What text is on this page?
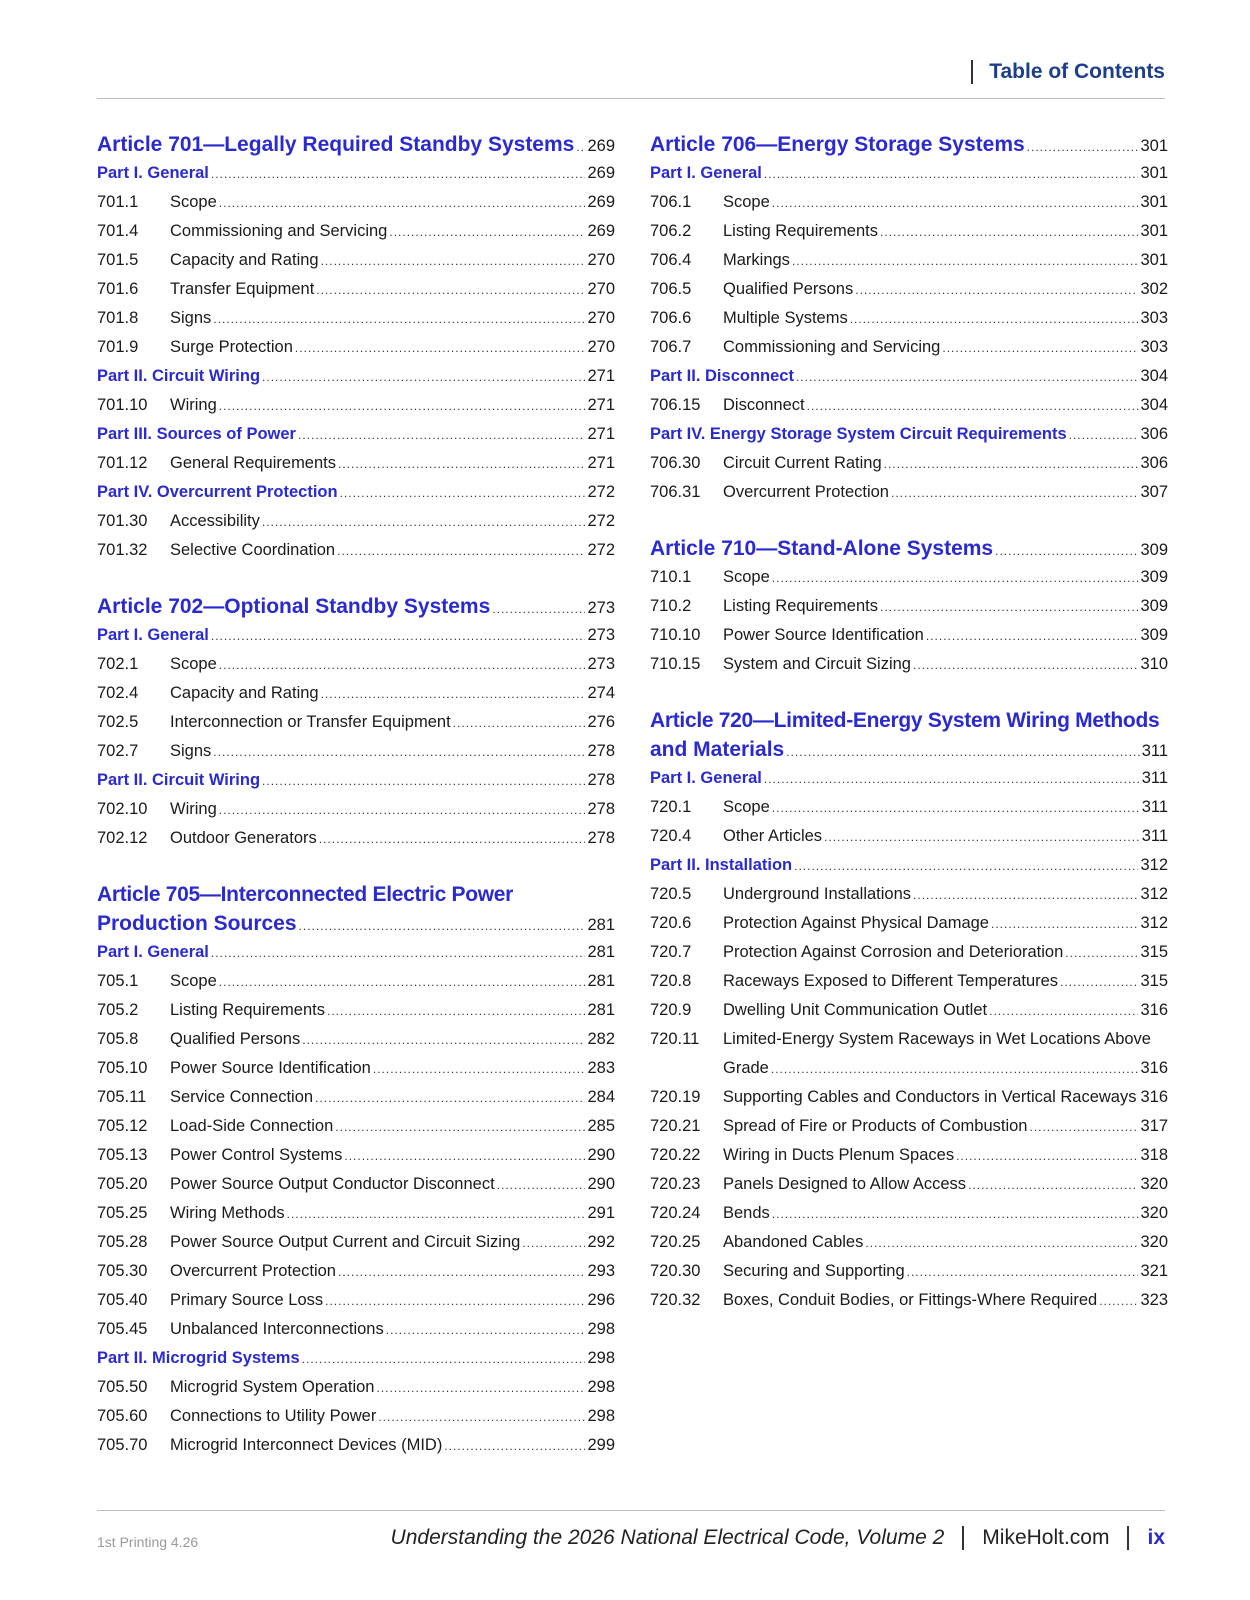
Table of Contents
Article 701—Legally Required Standby Systems ..... 269
Part I. General .....	269
701.1	Scope .....	269
701.4	Commissioning and Servicing .....	269
701.5	Capacity and Rating .....	270
701.6	Transfer Equipment .....	270
701.8	Signs .....	270
701.9	Surge Protection .....	270
Part II. Circuit Wiring .....	271
701.10	Wiring .....	271
Part III. Sources of Power .....	271
701.12	General Requirements .....	271
Part IV. Overcurrent Protection .....	272
701.30	Accessibility .....	272
701.32	Selective Coordination .....	272
Article 702—Optional Standby Systems .....	273
Part I. General .....	273
702.1	Scope .....	273
702.4	Capacity and Rating .....	274
702.5	Interconnection or Transfer Equipment .....	276
702.7	Signs .....	278
Part II. Circuit Wiring .....	278
702.10	Wiring .....	278
702.12	Outdoor Generators .....	278
Article 705—Interconnected Electric Power
Production Sources .....	281
Part I. General .....	281
705.1	Scope .....	281
705.2	Listing Requirements .....	281
705.8	Qualified Persons .....	282
705.10	Power Source Identification .....	283
705.11	Service Connection .....	284
705.12	Load-Side Connection .....	285
705.13	Power Control Systems .....	290
705.20	Power Source Output Conductor Disconnect .....	290
705.25	Wiring Methods .....	291
705.28	Power Source Output Current and Circuit Sizing .....	292
705.30	Overcurrent Protection .....	293
705.40	Primary Source Loss .....	296
705.45	Unbalanced Interconnections .....	298
Part II. Microgrid Systems .....	298
705.50	Microgrid System Operation .....	298
705.60	Connections to Utility Power .....	298
705.70	Microgrid Interconnect Devices (MID) .....	299
Article 706—Energy Storage Systems .....	301
Part I. General .....	301
706.1	Scope .....	301
706.2	Listing Requirements .....	301
706.4	Markings .....	301
706.5	Qualified Persons .....	302
706.6	Multiple Systems .....	303
706.7	Commissioning and Servicing .....	303
Part II. Disconnect .....	304
706.15	Disconnect .....	304
Part IV. Energy Storage System Circuit Requirements .....	306
706.30	Circuit Current Rating .....	306
706.31	Overcurrent Protection .....	307
Article 710—Stand-Alone Systems .....	309
710.1	Scope .....	309
710.2	Listing Requirements .....	309
710.10	Power Source Identification .....	309
710.15	System and Circuit Sizing .....	310
Article 720—Limited-Energy System Wiring Methods
and Materials .....	311
Part I. General .....	311
720.1	Scope .....	311
720.4	Other Articles .....	311
Part II. Installation .....	312
720.5	Underground Installations .....	312
720.6	Protection Against Physical Damage .....	312
720.7	Protection Against Corrosion and Deterioration .....	315
720.8	Raceways Exposed to Different Temperatures .....	315
720.9	Dwelling Unit Communication Outlet .....	316
720.11	Limited-Energy System Raceways in Wet Locations Above
Grade .....	316
720.19	Supporting Cables and Conductors in Vertical Raceways 316
720.21	Spread of Fire or Products of Combustion .....	317
720.22	Wiring in Ducts Plenum Spaces .....	318
720.23	Panels Designed to Allow Access .....	320
720.24	Bends .....	320
720.25	Abandoned Cables .....	320
720.30	Securing and Supporting .....	321
720.32	Boxes, Conduit Bodies, or Fittings-Where Required .....	323
1st Printing 4.26	Understanding the 2026 National Electrical Code, Volume 2 MikeHolt.com ix
